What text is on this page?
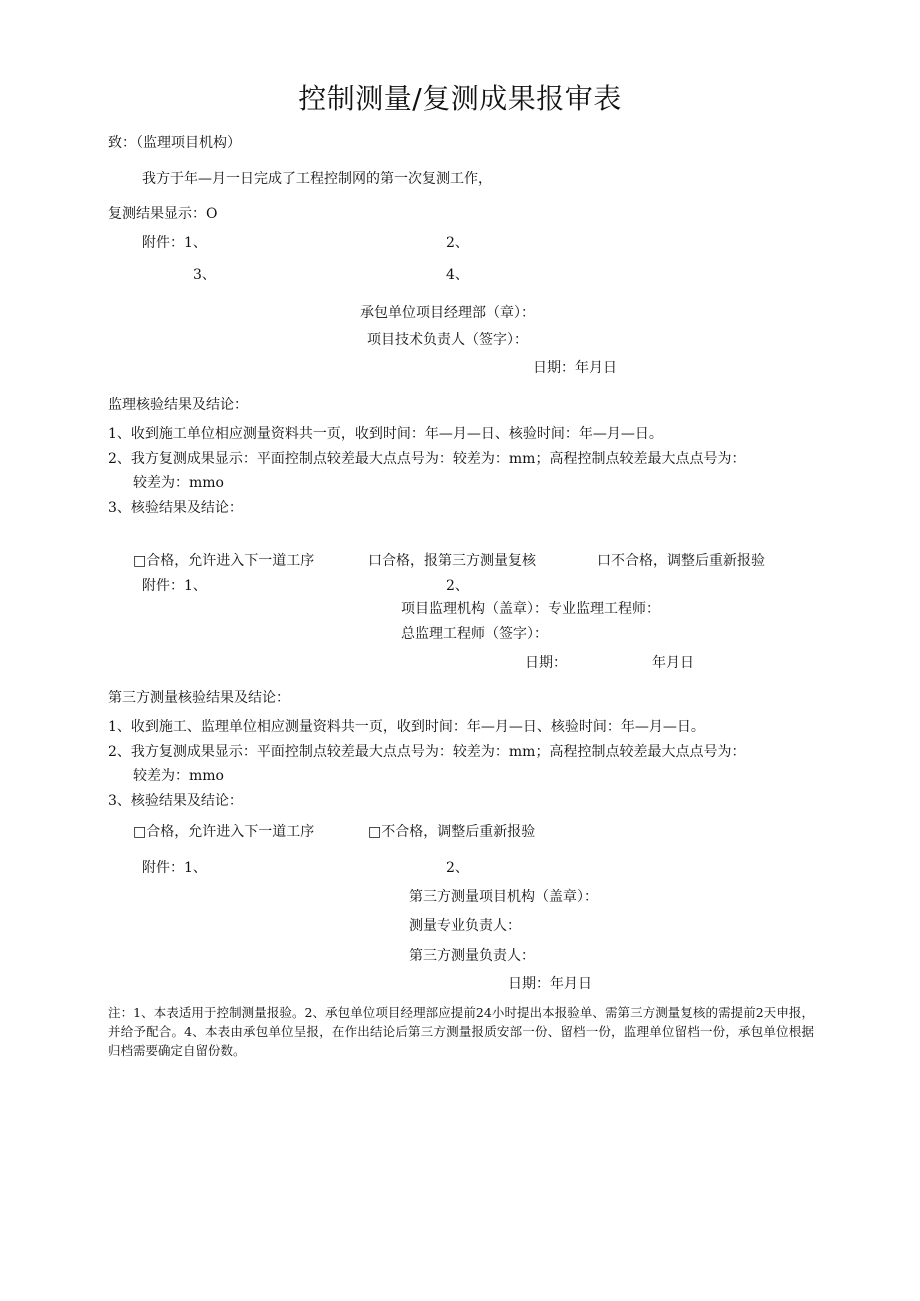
控制测量/复测成果报审表
致：（监理项目机构）
我方于年—月一日完成了工程控制网的第一次复测工作，
复测结果显示：O
附件：1、	2、
3、	4、
承包单位项目经理部（章）：
项目技术负责人（签字）：
日期：年月日
监理核验结果及结论：
1、收到施工单位相应测量资料共一页，收到时间：年—月—日、核验时间：年—月—日。
2、我方复测成果显示：平面控制点较差最大点点号为：较差为：mm；高程控制点较差最大点点号为：
较差为：mmo
3、核验结果及结论：
□合格，允许进入下一道工序	口合格，报第三方测量复核	口不合格，调整后重新报验
附件：1、	2、
项目监理机构（盖章）：专业监理工程师：
总监理工程师（签字）：
日期：	年月日
第三方测量核验结果及结论：
1、收到施工、监理单位相应测量资料共一页，收到时间：年—月—日、核验时间：年—月—日。
2、我方复测成果显示：平面控制点较差最大点点号为：较差为：mm；高程控制点较差最大点点号为：
较差为：mmo
3、核验结果及结论：
□合格，允许进入下一道工序	□不合格，调整后重新报验
附件：1、	2、
第三方测量项目机构（盖章）：
测量专业负责人：
第三方测量负责人：
日期：年月日
注：1、本表适用于控制测量报验。2、承包单位项目经理部应提前24小时提出本报验单、需第三方测量复核的需提前2天申报，并给予配合。4、本表由承包单位呈报，在作出结论后第三方测量报质安部一份、留档一份，监理单位留档一份，承包单位根据归档需要确定自留份数。
